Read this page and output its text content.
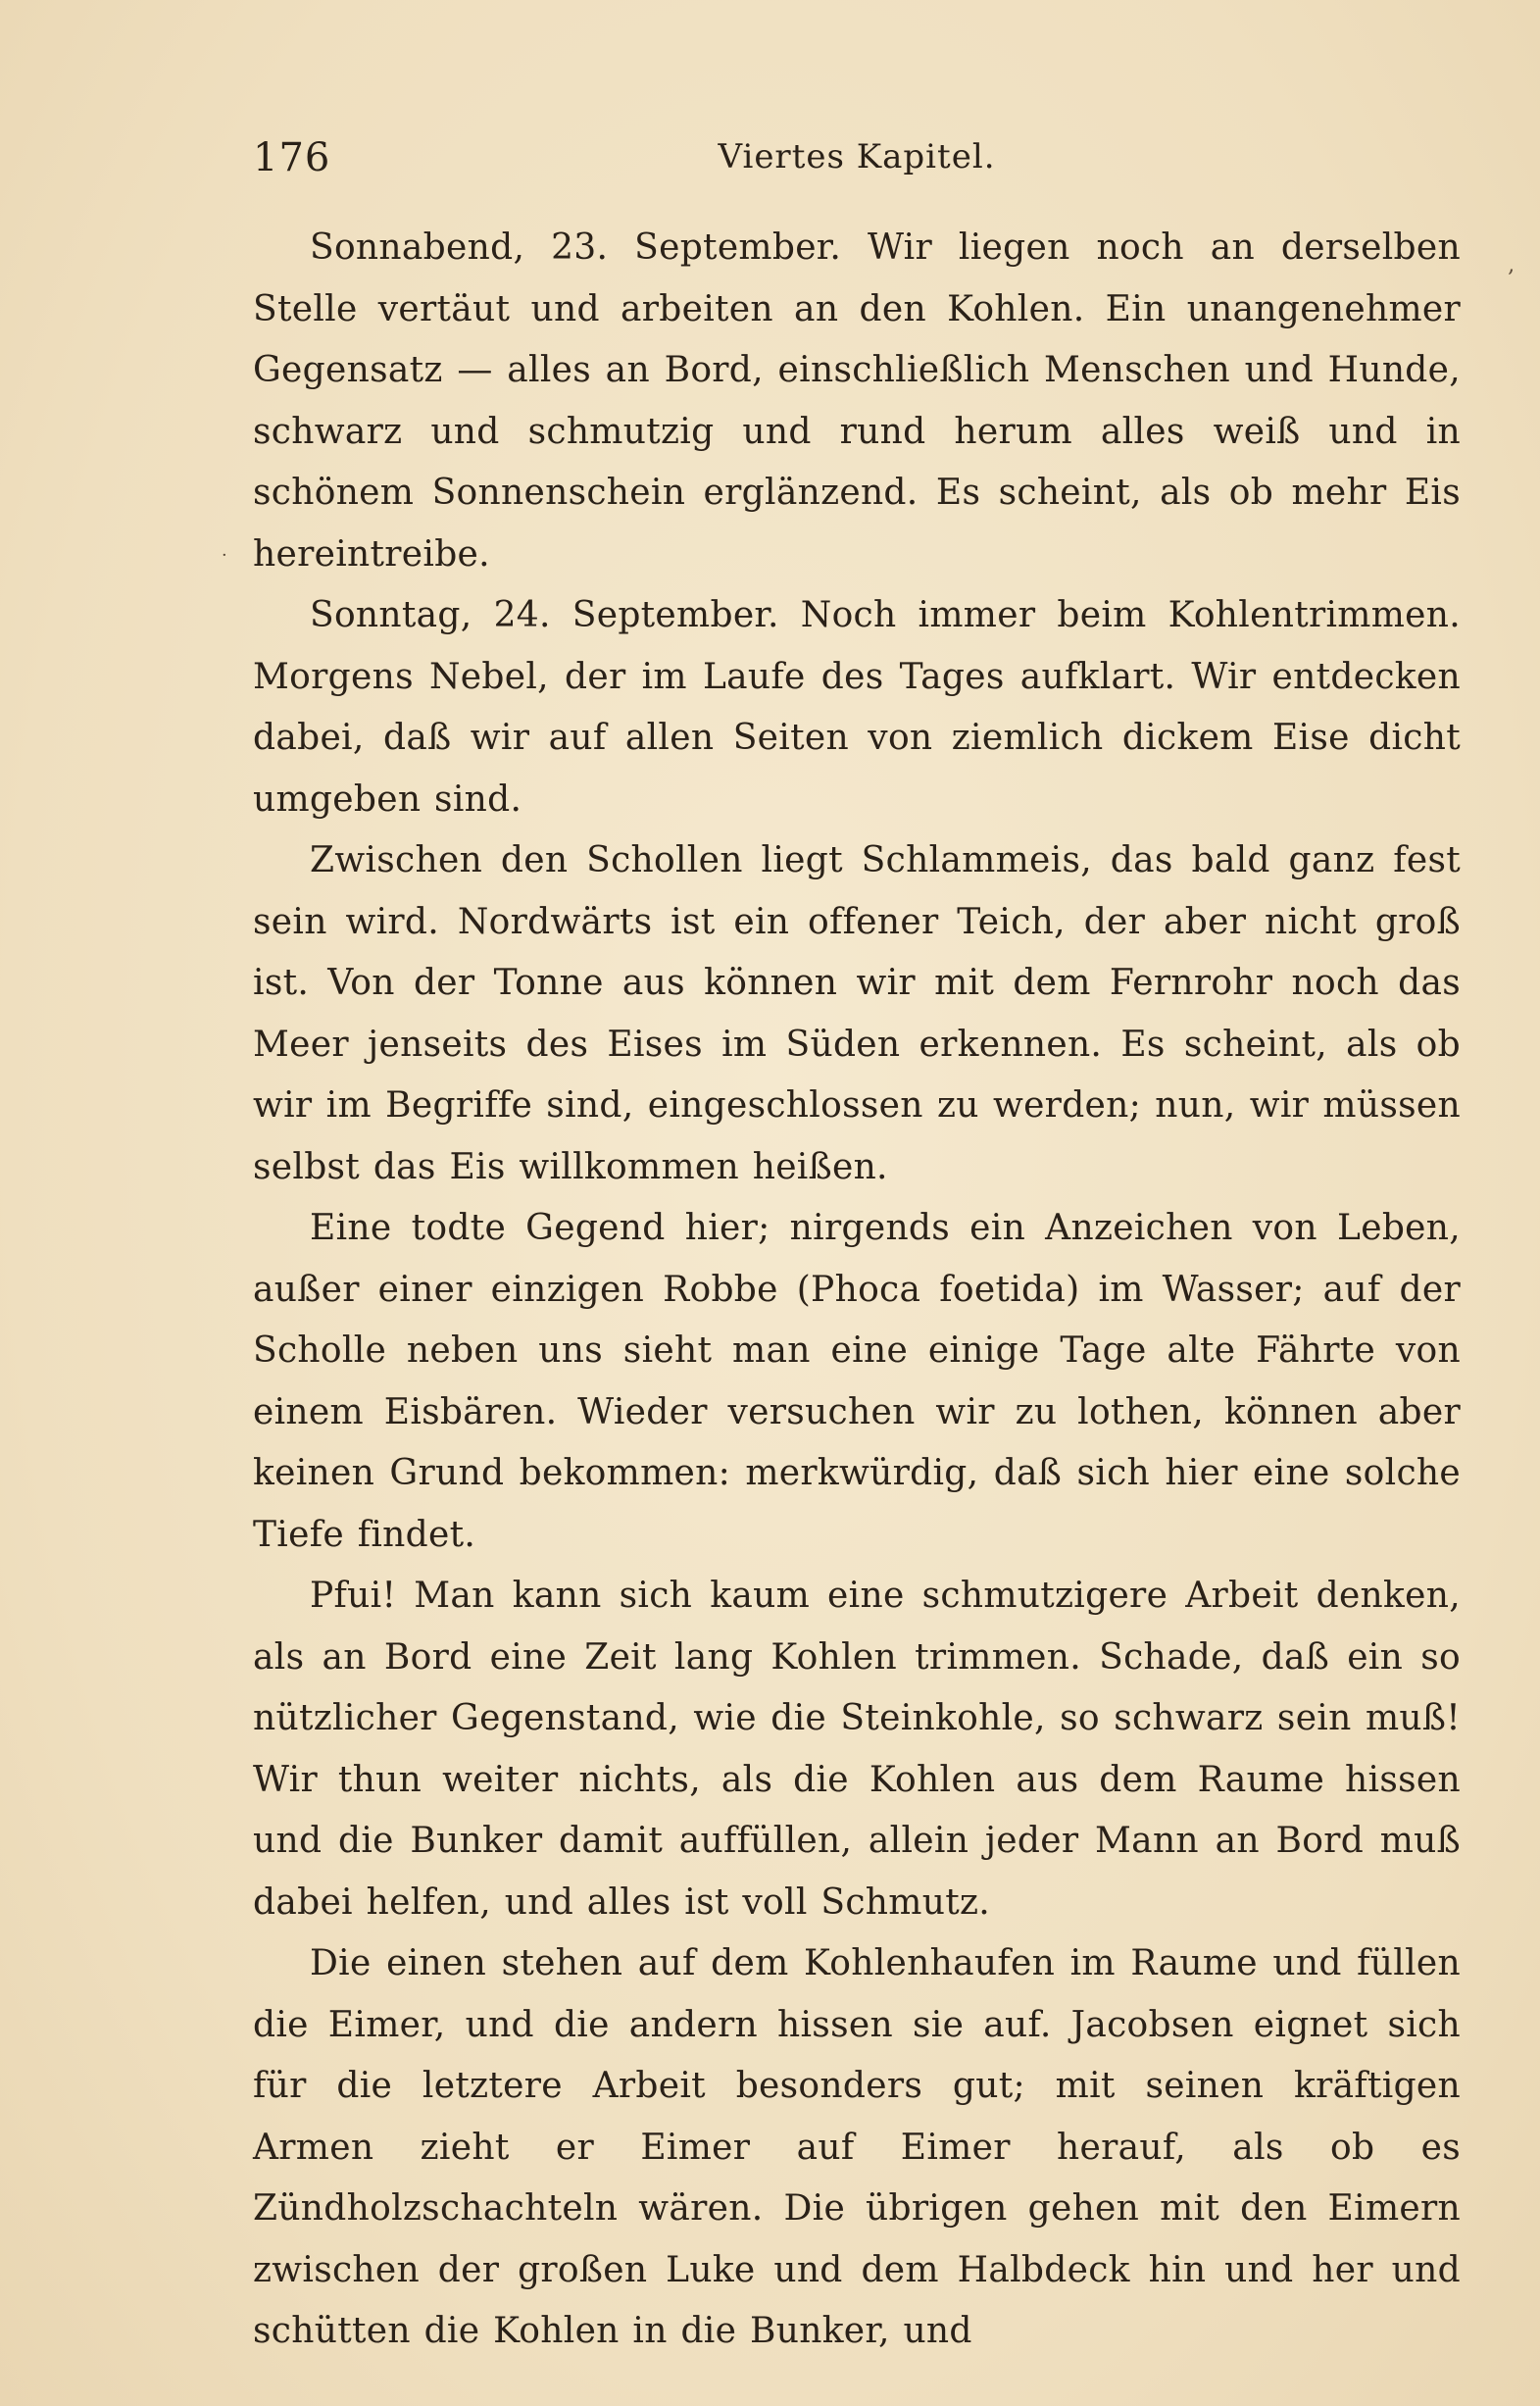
176	Viertes Kapitel.
‚
·

Sonnabend, 23. September. Wir liegen noch an derselben Stelle vertäut und arbeiten an den Kohlen. Ein unangenehmer Gegensatz — alles an Bord, einschließlich Menschen und Hunde, schwarz und schmutzig und rund herum alles weiß und in schönem Sonnenschein erglänzend. Es scheint, als ob mehr Eis hereintreibe.

Sonntag, 24. September. Noch immer beim Kohlentrimmen. Morgens Nebel, der im Laufe des Tages aufklart. Wir entdecken dabei, daß wir auf allen Seiten von ziemlich dickem Eise dicht umgeben sind.

Zwischen den Schollen liegt Schlammeis, das bald ganz fest sein wird. Nordwärts ist ein offener Teich, der aber nicht groß ist. Von der Tonne aus können wir mit dem Fernrohr noch das Meer jenseits des Eises im Süden erkennen. Es scheint, als ob wir im Begriffe sind, eingeschlossen zu werden; nun, wir müssen selbst das Eis willkommen heißen.

Eine todte Gegend hier; nirgends ein Anzeichen von Leben, außer einer einzigen Robbe (Phoca foetida) im Wasser; auf der Scholle neben uns sieht man eine einige Tage alte Fährte von einem Eisbären. Wieder versuchen wir zu lothen, können aber keinen Grund bekommen: merkwürdig, daß sich hier eine solche Tiefe findet.

Pfui! Man kann sich kaum eine schmutzigere Arbeit denken, als an Bord eine Zeit lang Kohlen trimmen. Schade, daß ein so nützlicher Gegenstand, wie die Steinkohle, so schwarz sein muß! Wir thun weiter nichts, als die Kohlen aus dem Raume hissen und die Bunker damit auffüllen, allein jeder Mann an Bord muß dabei helfen, und alles ist voll Schmutz.

Die einen stehen auf dem Kohlenhaufen im Raume und füllen die Eimer, und die andern hissen sie auf. Jacobsen eignet sich für die letztere Arbeit besonders gut; mit seinen kräftigen Armen zieht er Eimer auf Eimer herauf, als ob es Zündholzschachteln wären. Die übrigen gehen mit den Eimern zwischen der großen Luke und dem Halbdeck hin und her und schütten die Kohlen in die Bunker, und
